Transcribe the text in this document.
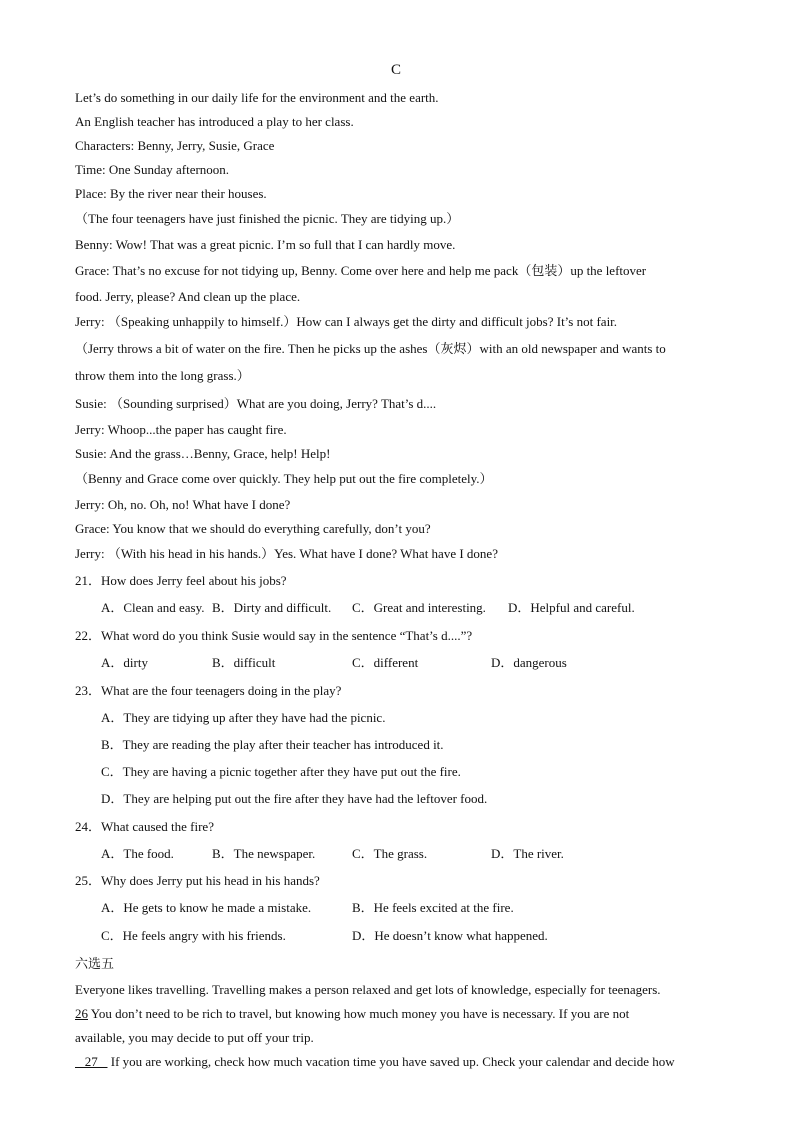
C
Let’s do something in our daily life for the environment and the earth.
An English teacher has introduced a play to her class.
Characters: Benny, Jerry, Susie, Grace
Time: One Sunday afternoon.
Place: By the river near their houses.
（The four teenagers have just finished the picnic. They are tidying up.）
Benny: Wow! That was a great picnic. I’m so full that I can hardly move.
Grace: That’s no excuse for not tidying up, Benny. Come over here and help me pack（包装）up the leftover
food. Jerry, please? And clean up the place.
Jerry: （Speaking unhappily to himself.）How can I always get the dirty and difficult jobs? It’s not fair.
（Jerry throws a bit of water on the fire. Then he picks up the ashes（灰烬）with an old newspaper and wants to
throw them into the long grass.）
Susie: （Sounding surprised）What are you doing, Jerry? That’s d....
Jerry: Whoop...the paper has caught fire.
Susie: And the grass…Benny, Grace, help! Help!
（Benny and Grace come over quickly. They help put out the fire completely.）
Jerry: Oh, no. Oh, no! What have I done?
Grace: You know that we should do everything carefully, don’t you?
Jerry: （With his head in his hands.）Yes. What have I done? What have I done?
21．How does Jerry feel about his jobs?
A．Clean and easy. B．Dirty and difficult. C．Great and interesting. D．Helpful and careful.
22．What word do you think Susie would say in the sentence “That’s d....”?
A．dirty	B．difficult	C．different	D．dangerous
23．What are the four teenagers doing in the play?
A．They are tidying up after they have had the picnic.
B．They are reading the play after their teacher has introduced it.
C．They are having a picnic together after they have put out the fire.
D．They are helping put out the fire after they have had the leftover food.
24．What caused the fire?
A．The food.	B．The newspaper.	C．The grass.	D．The river.
25．Why does Jerry put his head in his hands?
A．He gets to know he made a mistake.	B．He feels excited at the fire.
C．He feels angry with his friends.	D．He doesn’t know what happened.
六选五
Everyone likes travelling. Travelling makes a person relaxed and get lots of knowledge, especially for teenagers.
26 You don’t need to be rich to travel, but knowing how much money you have is necessary. If you are not
available, you may decide to put off your trip.
27    If you are working, check how much vacation time you have saved up. Check your calendar and decide how
